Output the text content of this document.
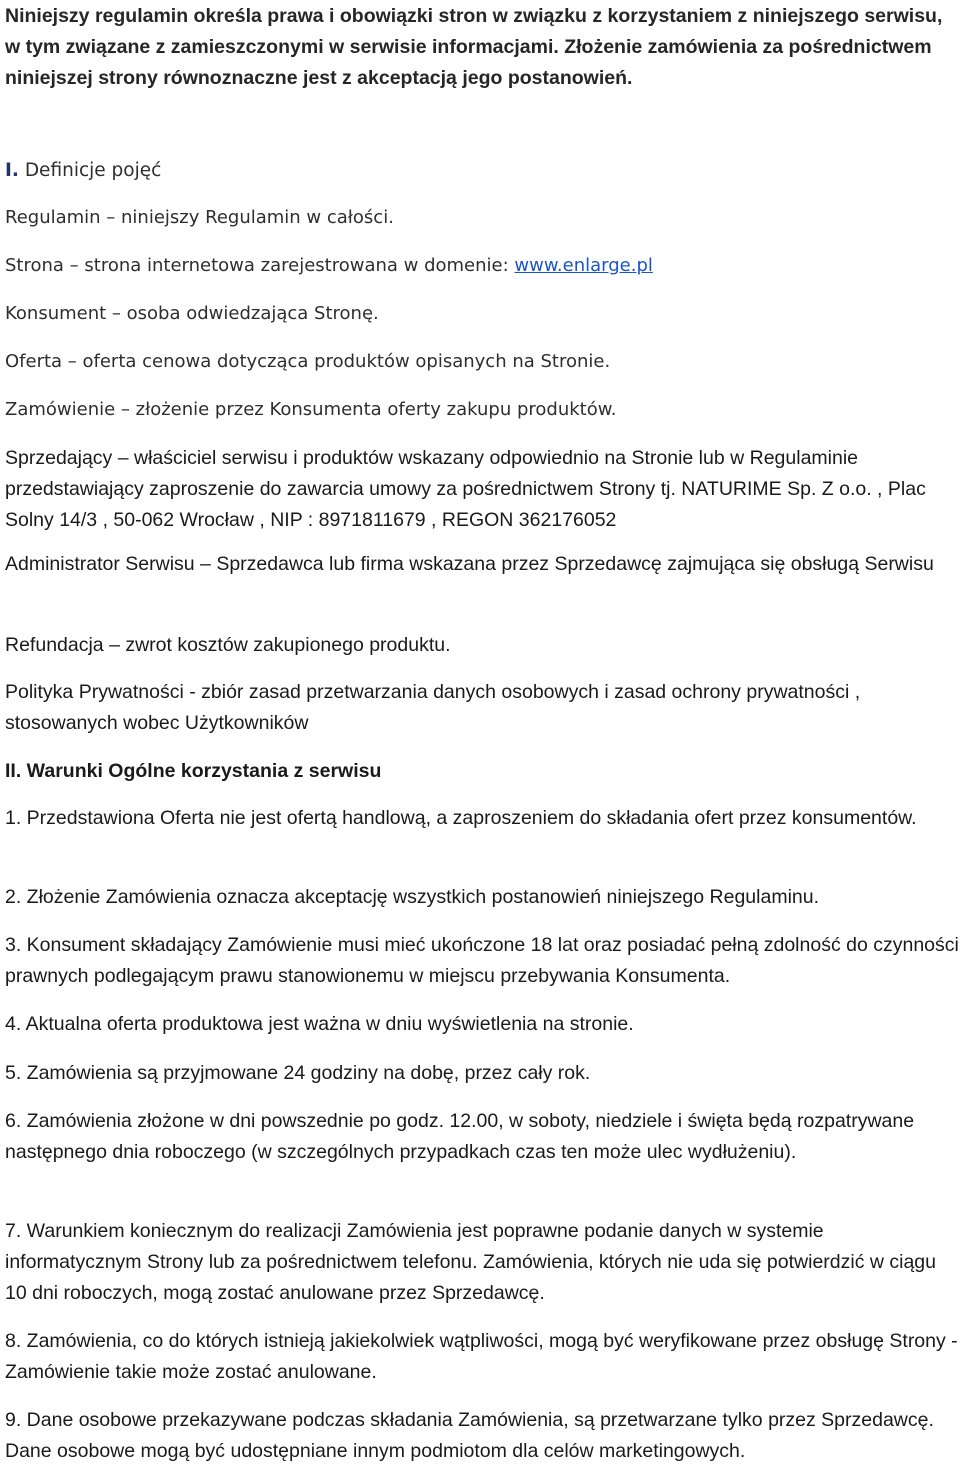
Niniejszy regulamin określa prawa i obowiązki stron w związku z korzystaniem z niniejszego serwisu, w tym związane z zamieszczonymi w serwisie informacjami. Złożenie zamówienia za pośrednictwem niniejszej strony równoznaczne jest z akceptacją jego postanowień.

I. Definicje pojęć

Regulamin – niniejszy Regulamin w całości.

Strona – strona internetowa zarejestrowana w domenie: www.enlarge.pl

Konsument – osoba odwiedzająca Stronę.

Oferta – oferta cenowa dotycząca produktów opisanych na Stronie.

Zamówienie – złożenie przez Konsumenta oferty zakupu produktów.

Sprzedający – właściciel serwisu i produktów wskazany odpowiednio na Stronie lub w Regulaminie przedstawiający zaproszenie do zawarcia umowy za pośrednictwem Strony tj. NATURIME Sp. Z o.o. , Plac Solny 14/3 , 50-062 Wrocław , NIP : 8971811679 , REGON 362176052

Administrator Serwisu – Sprzedawca lub firma wskazana przez Sprzedawcę zajmująca się obsługą Serwisu

Refundacja – zwrot kosztów zakupionego produktu.

Polityka Prywatności - zbiór zasad przetwarzania danych osobowych i zasad ochrony prywatności , stosowanych wobec Użytkowników

II. Warunki Ogólne korzystania z serwisu

1. Przedstawiona Oferta nie jest ofertą handlową, a zaproszeniem do składania ofert przez konsumentów.

2. Złożenie Zamówienia oznacza akceptację wszystkich postanowień niniejszego Regulaminu.

3. Konsument składający Zamówienie musi mieć ukończone 18 lat oraz posiadać pełną zdolność do czynności prawnych podlegającym prawu stanowionemu w miejscu przebywania Konsumenta.

4. Aktualna oferta produktowa jest ważna w dniu wyświetlenia na stronie.

5. Zamówienia są przyjmowane 24 godziny na dobę, przez cały rok.

6. Zamówienia złożone w dni powszednie po godz. 12.00, w soboty, niedziele i święta będą rozpatrywane następnego dnia roboczego (w szczególnych przypadkach czas ten może ulec wydłużeniu).

7. Warunkiem koniecznym do realizacji Zamówienia jest poprawne podanie danych w systemie informatycznym Strony lub za pośrednictwem telefonu. Zamówienia, których nie uda się potwierdzić w ciągu 10 dni roboczych, mogą zostać anulowane przez Sprzedawcę.

8. Zamówienia, co do których istnieją jakiekolwiek wątpliwości, mogą być weryfikowane przez obsługę Strony - Zamówienie takie może zostać anulowane.

9. Dane osobowe przekazywane podczas składania Zamówienia, są przetwarzane tylko przez Sprzedawcę. Dane osobowe mogą być udostępniane innym podmiotom dla celów marketingowych.
